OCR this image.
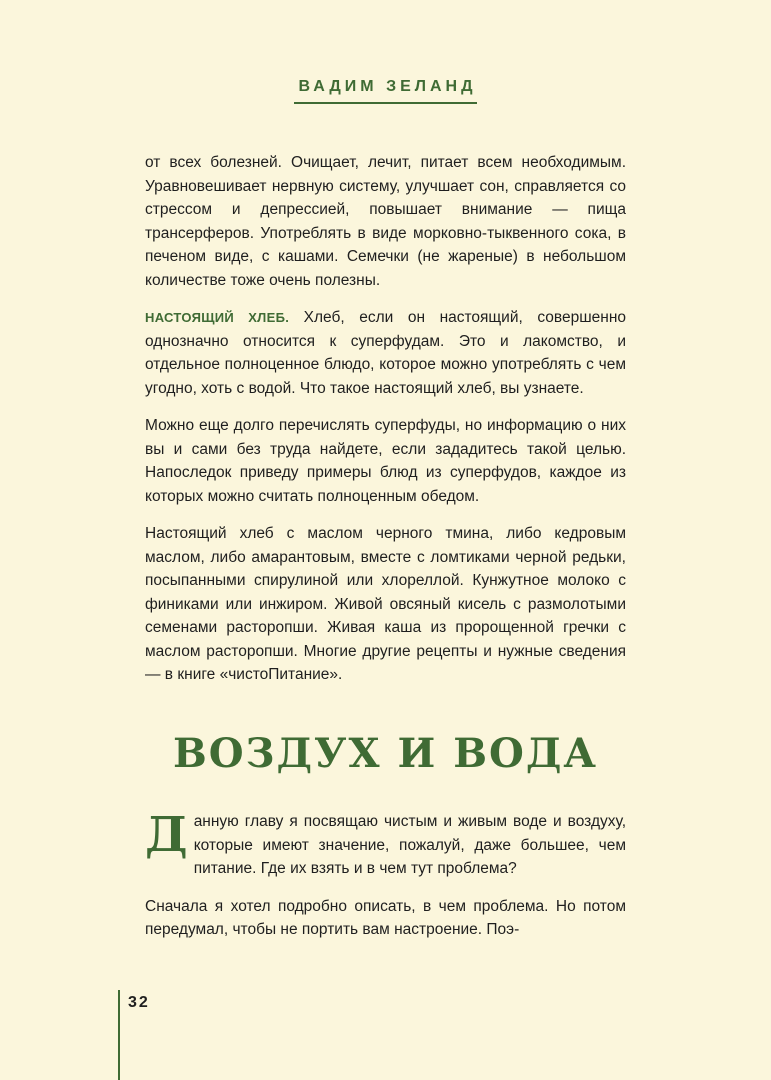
ВАДИМ ЗЕЛАНД

от всех болезней. Очищает, лечит, питает всем необходимым. Уравновешивает нервную систему, улучшает сон, справляется со стрессом и депрессией, повышает внимание — пища трансерферов. Употреблять в виде морковно-тыквенного сока, в печеном виде, с кашами. Семечки (не жареные) в небольшом количестве тоже очень полезны.

НАСТОЯЩИЙ ХЛЕБ. Хлеб, если он настоящий, совершенно однозначно относится к суперфудам. Это и лакомство, и отдельное полноценное блюдо, которое можно употреблять с чем угодно, хоть с водой. Что такое настоящий хлеб, вы узнаете.

Можно еще долго перечислять суперфуды, но информацию о них вы и сами без труда найдете, если зададитесь такой целью. Напоследок приведу примеры блюд из суперфудов, каждое из которых можно считать полноценным обедом.

Настоящий хлеб с маслом черного тмина, либо кедровым маслом, либо амарантовым, вместе с ломтиками черной редьки, посыпанными спирулиной или хлореллой. Кунжутное молоко с финиками или инжиром. Живой овсяный кисель с размолотыми семенами расторопши. Живая каша из пророщенной гречки с маслом расторопши. Многие другие рецепты и нужные сведения — в книге «чистоПитание».

ВОЗДУХ И ВОДА

Данную главу я посвящаю чистым и живым воде и воздуху, которые имеют значение, пожалуй, даже большее, чем питание. Где их взять и в чем тут проблема?

Сначала я хотел подробно описать, в чем проблема. Но потом передумал, чтобы не портить вам настроение. Поэ-

32
